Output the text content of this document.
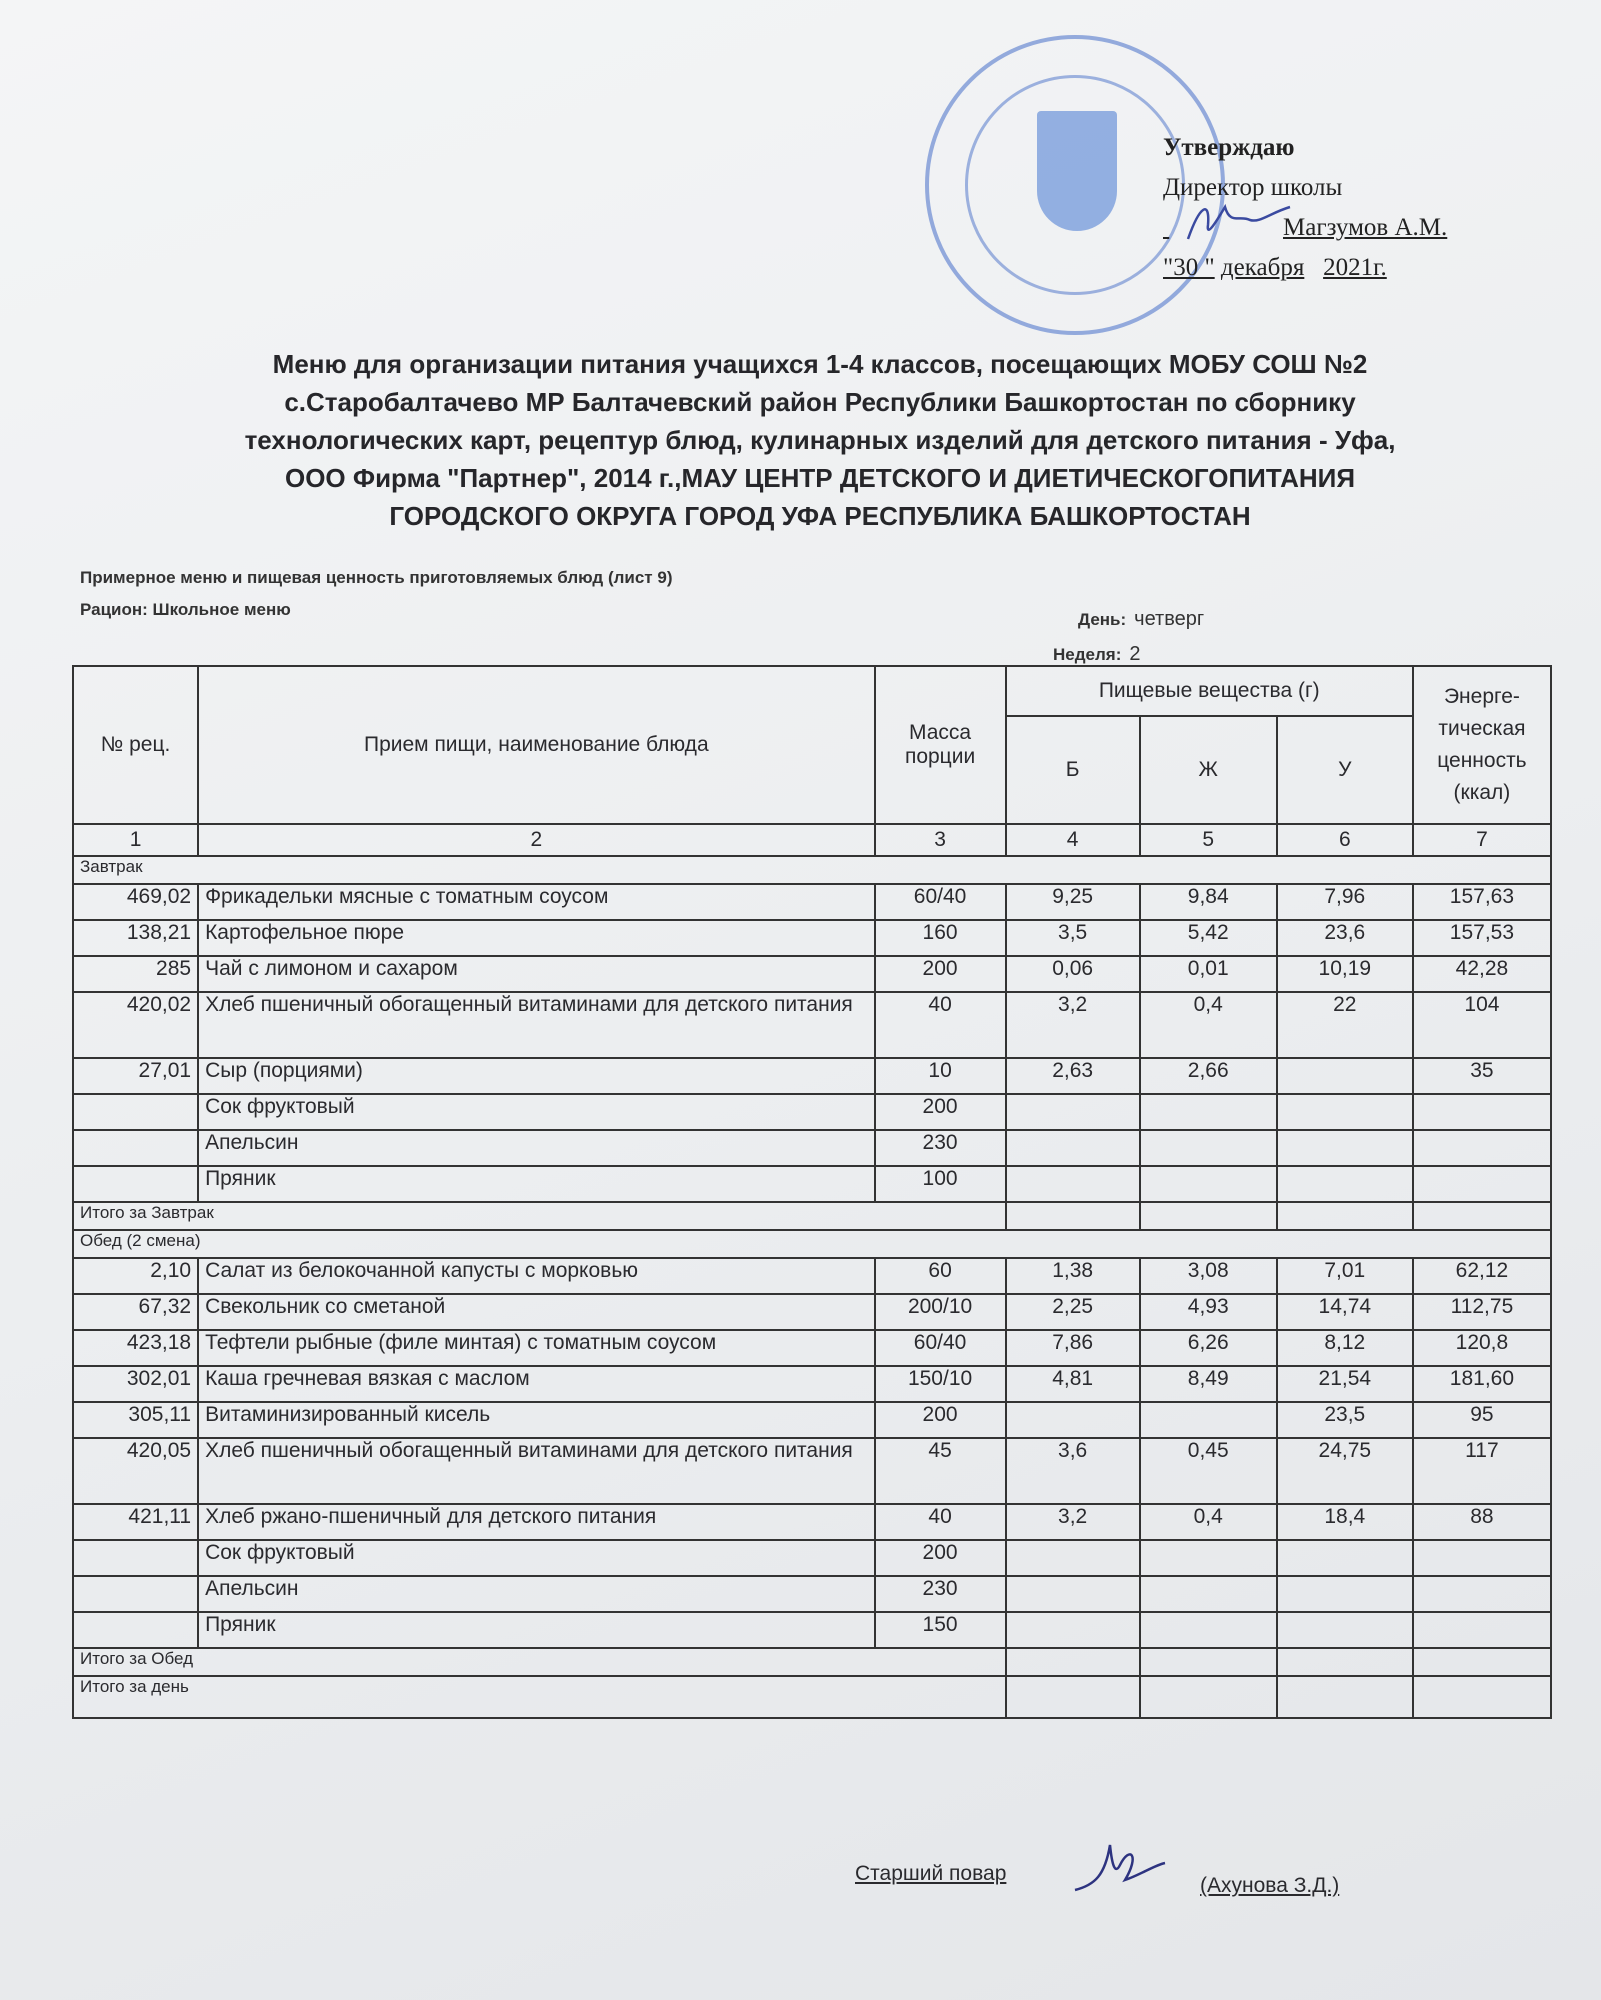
Утверждаю
Директор школы
Магзумов А.М.
"30 " декабря 2021г.
Меню для организации питания учащихся 1-4 классов, посещающих МОБУ СОШ №2
с.Старобалтачево МР Балтачевский район Республики Башкортостан по сборнику
технологических карт, рецептур блюд, кулинарных изделий для детского питания - Уфа,
ООО Фирма "Партнер", 2014 г.,МАУ ЦЕНТР ДЕТСКОГО И ДИЕТИЧЕСКОГОПИТАНИЯ
ГОРОДСКОГО ОКРУГА ГОРОД УФА РЕСПУБЛИКА БАШКОРТОСТАН
Примерное меню и пищевая ценность приготовляемых блюд (лист 9)
Рацион: Школьное меню
День: четверг
Неделя: 2
№ рец.	Прием пищи, наименование блюда	Масса порции	Пищевые вещества (г)			Энерге-тическая ценность (ккал)
			Б	Ж	У	
1	2	3	4	5	6	7
Завтрак						
469,02	Фрикадельки мясные с томатным соусом	60/40	9,25	9,84	7,96	157,63
138,21	Картофельное пюре	160	3,5	5,42	23,6	157,53
285	Чай с лимоном и сахаром	200	0,06	0,01	10,19	42,28
420,02	Хлеб пшеничный обогащенный витаминами для детского питания	40	3,2	0,4	22	104
27,01	Сыр (порциями)	10	2,63	2,66		35
	Сок фруктовый	200				
	Апельсин	230				
	Пряник	100				
Итого за Завтрак						
Обед (2 смена)						
2,10	Салат из белокочанной капусты с морковью	60	1,38	3,08	7,01	62,12
67,32	Свекольник со сметаной	200/10	2,25	4,93	14,74	112,75
423,18	Тефтели рыбные (филе минтая) с томатным соусом	60/40	7,86	6,26	8,12	120,8
302,01	Каша гречневая вязкая с маслом	150/10	4,81	8,49	21,54	181,60
305,11	Витаминизированный кисель	200			23,5	95
420,05	Хлеб пшеничный обогащенный витаминами для детского питания	45	3,6	0,45	24,75	117
421,11	Хлеб ржано-пшеничный для детского питания	40	3,2	0,4	18,4	88
	Сок фруктовый	200				
	Апельсин	230				
	Пряник	150				
Итого за Обед						
Итого за день						
Старший повар
(Ахунова З.Д.)
